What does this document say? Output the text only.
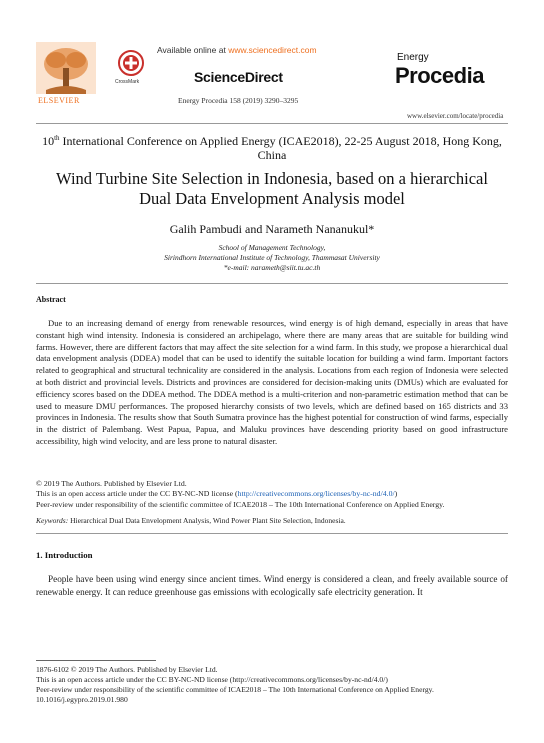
Available online at www.sciencedirect.com
ELSEVIER
CrossMark	ScienceDirect
Energy Procedia 158 (2019) 3290–3295
Energy
Procedia
www.elsevier.com/locate/procedia
10th International Conference on Applied Energy (ICAE2018), 22-25 August 2018, Hong Kong,
China
Wind Turbine Site Selection in Indonesia, based on a hierarchical
Dual Data Envelopment Analysis model
Galih Pambudi and Narameth Nananukul*
School of Management Technology,
Sirindhorn International Institute of Technology, Thammasat University
*e-mail: narameth@siit.tu.ac.th
Abstract
Due to an increasing demand of energy from renewable resources, wind energy is of high demand, especially in areas that have constant high wind intensity. Indonesia is considered an archipelago, where there are many areas that are suitable for building wind farms. However, there are different factors that may affect the site selection for a wind farm. In this study, we propose a hierarchical dual data envelopment analysis (DDEA) model that can be used to identify the suitable location for building a wind farm. Important factors related to geographical and structural technicality are considered in the analysis. Locations from each region of Indonesia were selected at both district and provincial levels. Districts and provinces are considered for decision-making units (DMUs) which are evaluated for efficiency scores based on the DDEA method. The DDEA method is a multi-criterion and non-parametric estimation method that can be used to measure DMU performances. The proposed hierarchy consists of two levels, which are defined based on 165 districts and 33 provinces in Indonesia. The results show that South Sumatra province has the highest potential for construction of wind farms, especially in the district of Palembang. West Papua, Papua, and Maluku provinces have descending priority based on good infrastructure accessibility, high wind velocity, and are less prone to natural disaster.
© 2019 The Authors. Published by Elsevier Ltd.
This is an open access article under the CC BY-NC-ND license (http://creativecommons.org/licenses/by-nc-nd/4.0/)
Peer-review under responsibility of the scientific committee of ICAE2018 – The 10th International Conference on Applied Energy.
Keywords: Hierarchical Dual Data Envelopment Analysis, Wind Power Plant Site Selection, Indonesia.
1. Introduction
People have been using wind energy since ancient times. Wind energy is considered a clean, and freely available source of renewable energy. It can reduce greenhouse gas emissions with ecologically safe electricity generation. It
1876-6102 © 2019 The Authors. Published by Elsevier Ltd.
This is an open access article under the CC BY-NC-ND license (http://creativecommons.org/licenses/by-nc-nd/4.0/)
Peer-review under responsibility of the scientific committee of ICAE2018 – The 10th International Conference on Applied Energy.
10.1016/j.egypro.2019.01.980
